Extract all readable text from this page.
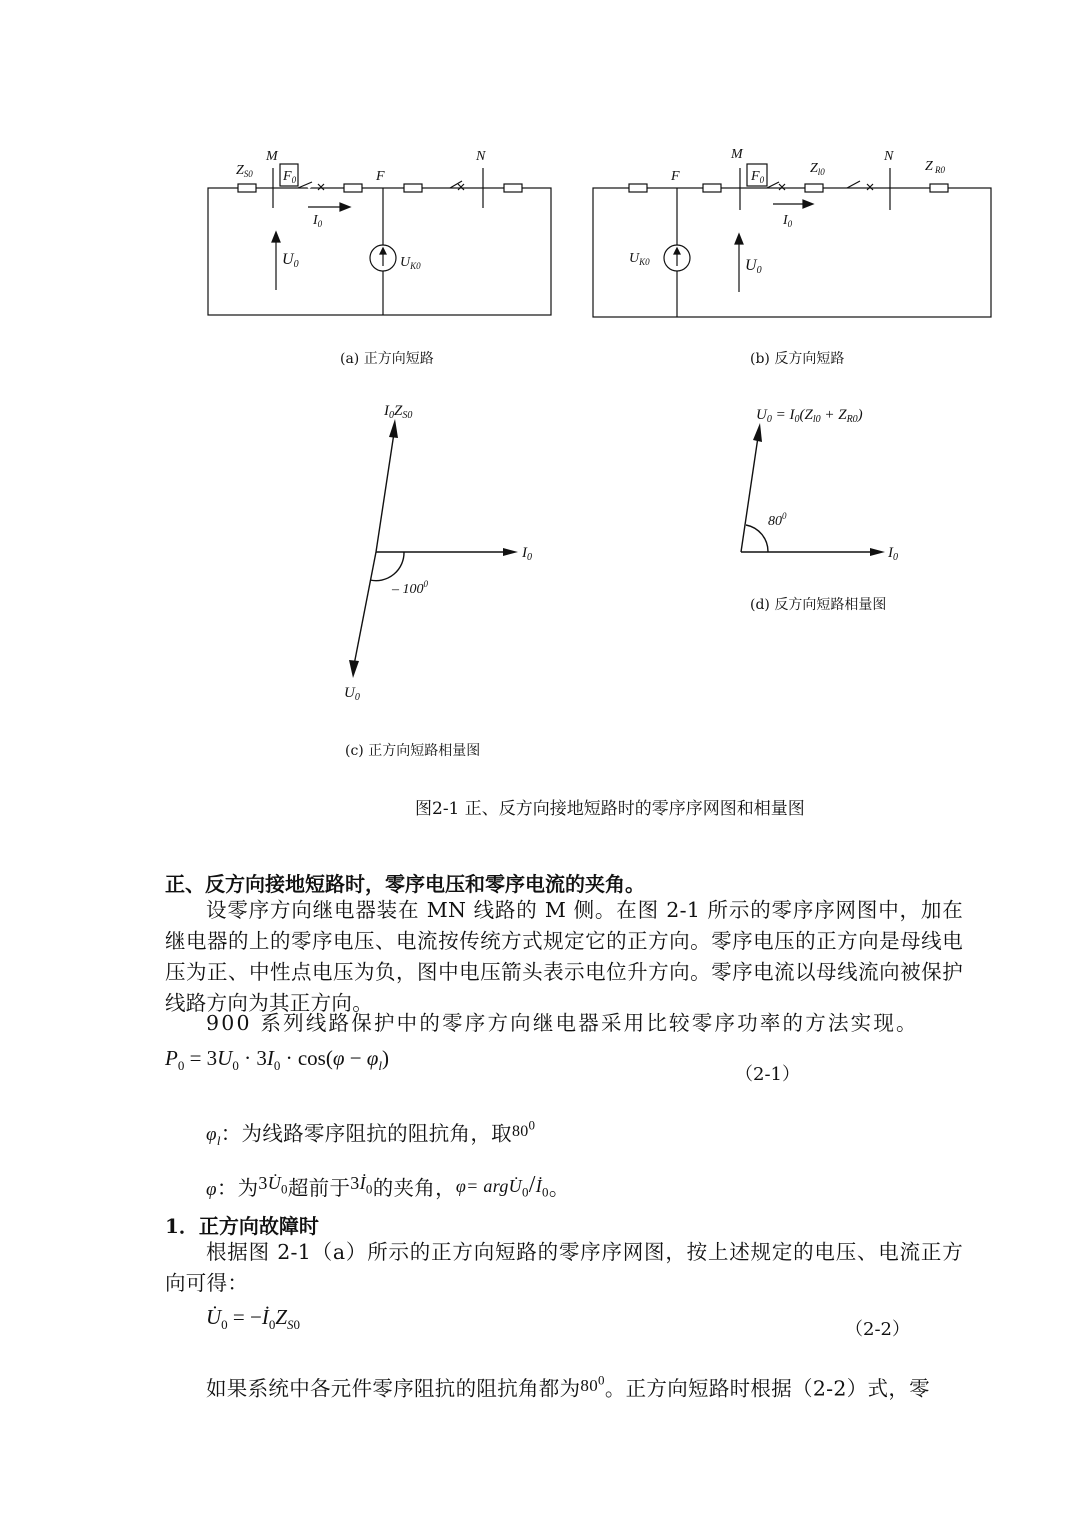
$Z_{S0}$
M
$F_0$	F
N
$I_0$
U0	$U_{K0}$
F
M
$F_0$
$Z_{l0}$
N
Z $_{R0}$
$I_0$
U0
$U_{K0}$
(a) 正方向短路	(b) 反方向短路
$I_0Z_{S0}$
$I_0$
– $100^0$
$U_0$
(c) 正方向短路相量图
$U_0 = I_0(Z_{l0} + Z_{R0})$
$80^0$
$I_0$
(d) 反方向短路相量图
图2-1 正、反方向接地短路时的零序序网图和相量图
正、反方向接地短路时，零序电压和零序电流的夹角。
设零序方向继电器装在 MN 线路的 M 侧。在图 2-1 所示的零序序网图中，加在继电器的上的零序电压、电流按传统方式规定它的正方向。零序电压的正方向是母线电压为正、中性点电压为负，图中电压箭头表示电位升方向。零序电流以母线流向被保护线路方向为其正方向。
900 系列线路保护中的零序方向继电器采用比较零序功率的方法实现。
$P_0 = 3U_0 \cdot 3I_0 \cdot \cos(\varphi - \varphi_l)$
（2-1）
$\varphi_l$：为线路零序阻抗的阻抗角，取$80^0$
φ：为$3U̇_0$超前于$3İ_0$的夹角，$\varphi= argU̇_0/İ_0$。
1．正方向故障时
根据图 2-1（a）所示的正方向短路的零序序网图，按上述规定的电压、电流正方向可得：
$U̇_0$ = $-İ_0Z_{S0}$	（2-2）
如果系统中各元件零序阻抗的阻抗角都为$^{80^0}$。正方向短路时根据（2-2）式，零
